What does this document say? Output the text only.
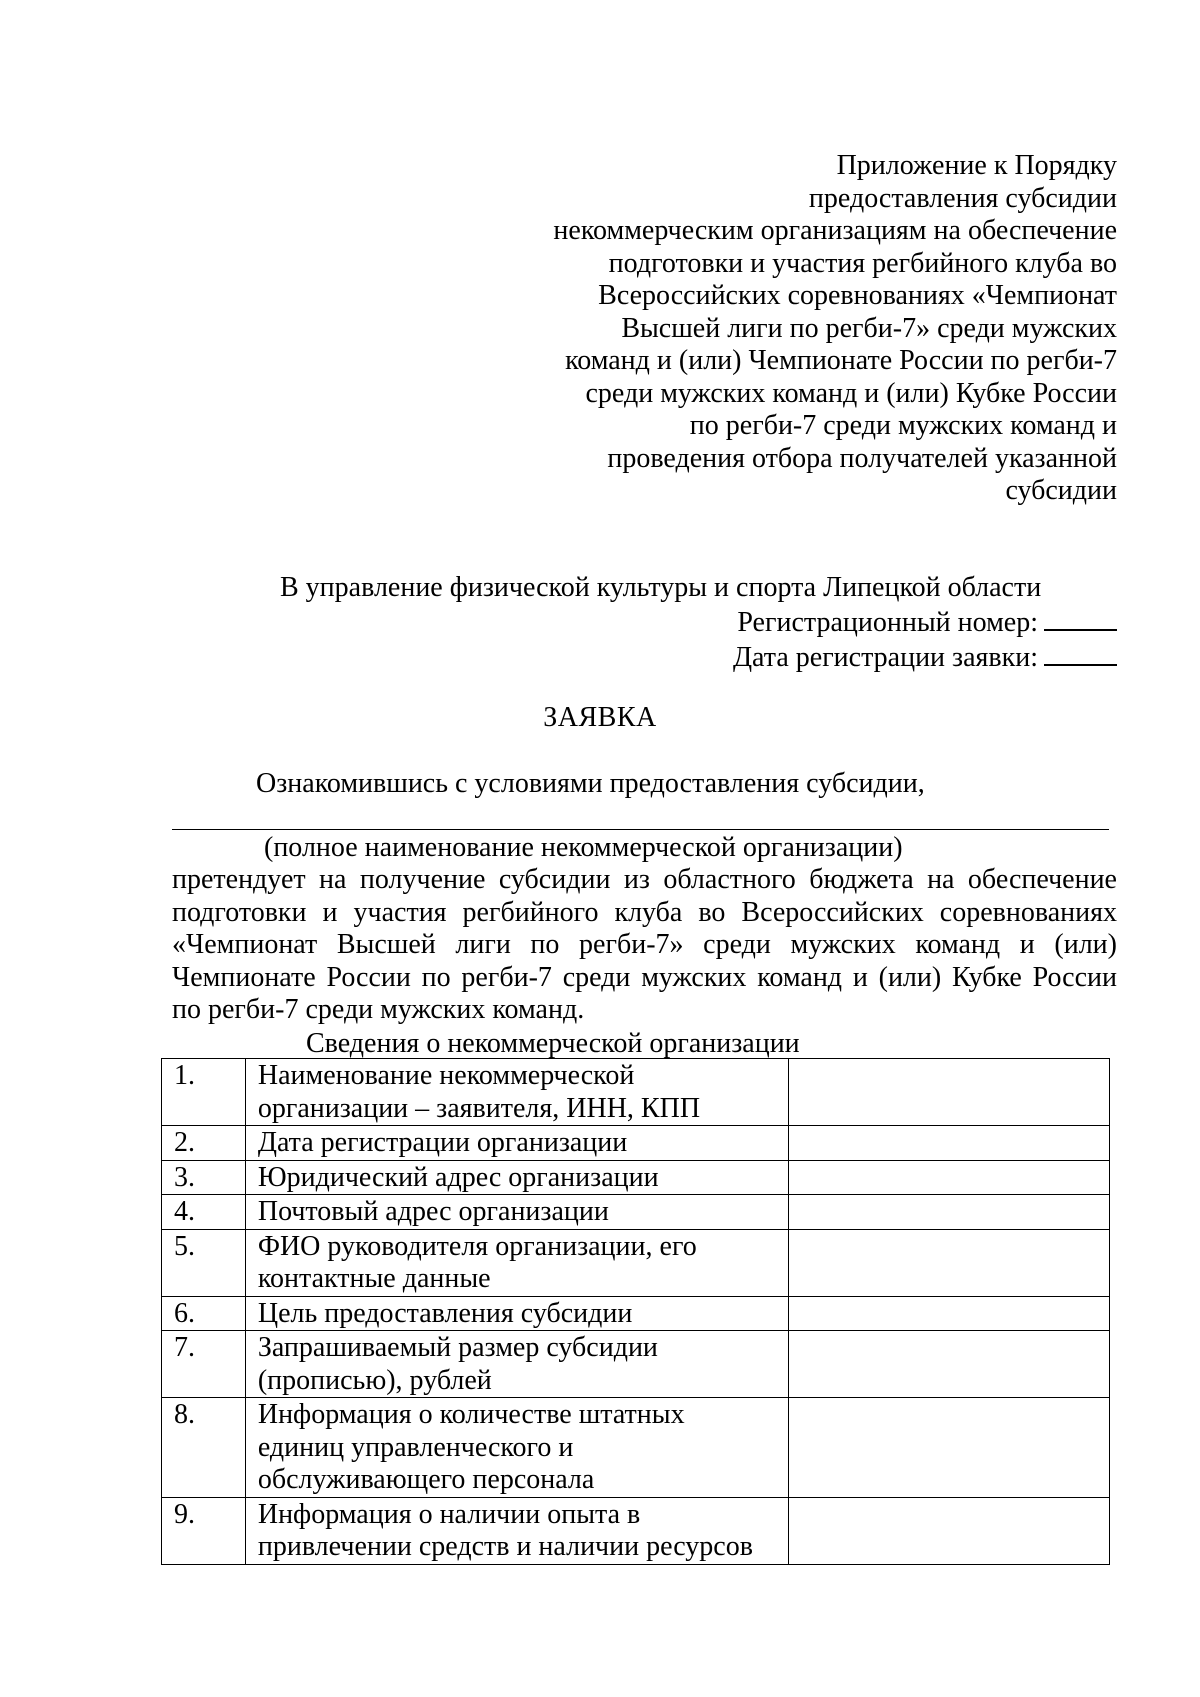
Приложение к Порядку
предоставления субсидии
некоммерческим организациям на обеспечение
подготовки и участия регбийного клуба во
Всероссийских соревнованиях «Чемпионат
Высшей лиги по регби-7» среди мужских
команд и (или) Чемпионате России по регби-7
среди мужских команд и (или) Кубке России
по регби-7 среди мужских команд и
проведения отбора получателей указанной
субсидии
В управление физической культуры и спорта Липецкой области
Регистрационный номер:
Дата регистрации заявки:
ЗАЯВКА
Ознакомившись с условиями предоставления субсидии,
(полное наименование некоммерческой организации)
претендует на получение субсидии из областного бюджета на обеспечение
подготовки и участия регбийного клуба во Всероссийских соревнованиях
«Чемпионат Высшей лиги по регби-7» среди мужских команд и (или)
Чемпионате России по регби-7 среди мужских команд и (или) Кубке России
по регби-7 среди мужских команд.
Сведения о некоммерческой организации
1.	Наименование некоммерческой
организации – заявителя, ИНН, КПП	

2.	Дата регистрации организации	

3.	Юридический адрес организации	

4.	Почтовый адрес организации	

5.	ФИО руководителя организации, его
контактные данные	

6.	Цель предоставления субсидии	

7.	Запрашиваемый размер субсидии
(прописью), рублей	

8.	Информация о количестве штатных
единиц управленческого и
обслуживающего персонала	

9.	Информация о наличии опыта в
привлечении средств и наличии ресурсов	
